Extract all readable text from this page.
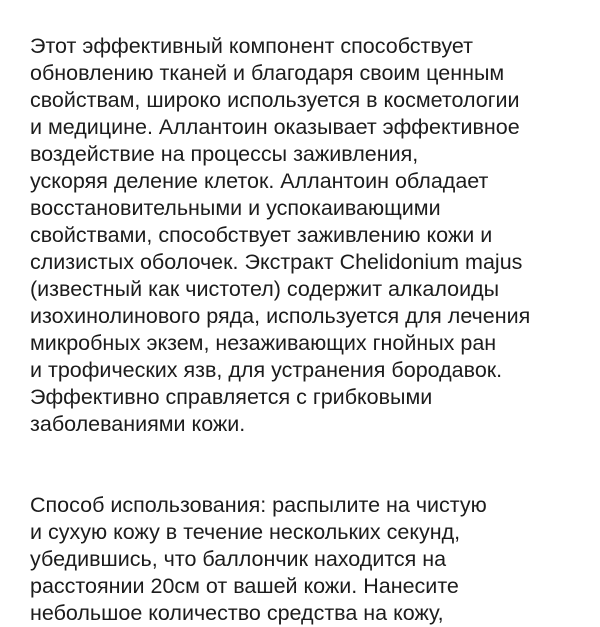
Этот эффективный компонент способствует
обновлению тканей и благодаря своим ценным
свойствам, широко используется в косметологии
и медицине. Аллантоин оказывает эффективное
воздействие на процессы заживления,
ускоряя деление клеток. Аллантоин обладает
восстановительными и успокаивающими
свойствами, способствует заживлению кожи и
слизистых оболочек. Экстракт Chelidonium majus
(известный как чистотел) содержит алкалоиды
изохинолинового ряда, используется для лечения
микробных экзем, незаживающих гнойных ран
и трофических язв, для устранения бородавок.
Эффективно справляется с грибковыми
заболеваниями кожи.

Способ использования: распылите на чистую
и сухую кожу в течение нескольких секунд,
убедившись, что баллончик находится на
расстоянии 20см от вашей кожи. Нанесите
небольшое количество средства на кожу,
